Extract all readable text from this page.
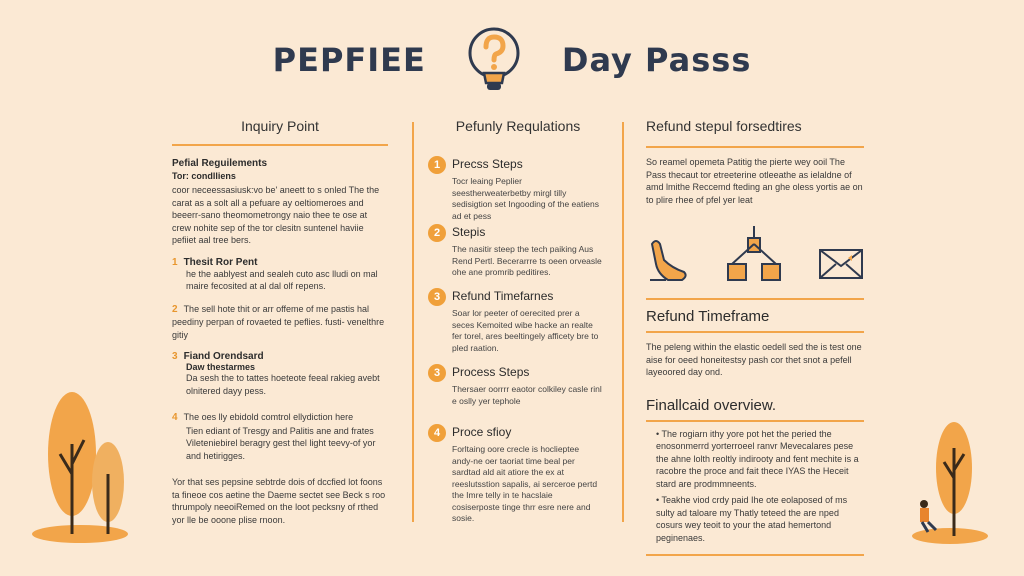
PEPFIEE	Day Passs
Inquiry Point
Pefial Reguilements
Tor: condlliens
coor neceessasiusk:vo be' aneett to s onled The the carat as a solt all a pefuare ay oeltiomeroes and beeerr-sano theomometrongy naio thee te ose at crew nohite sep of the tor clesitn suntenel haviie pefiiet aal tree bers.
1 Thesit Ror Pent
he the aablyest and sealeh cuto asc lludi on mal maire fecosited at al dal olf repens.
2 The sell hote thit or arr offeme of me pastis hal peediny perpan of rovaeted te peflies. fusti- venelthre gitiy
3 Fiand Orendsard
Daw thestarmes
Da sesh the to tattes hoeteote feeal rakieg avebt olnitered dayy pess.
4 The oes lly ebidold comtrol ellydiction here
Tien ediant of Tresgy and Palitis ane and frates Vileteniebirel beragry gest thel light teevy-of yor and hetirigges.
Yor that ses pepsine sebtrde dois of dccfied lot foons ta fineoe cos aetine the Daeme sectet see Beck s roo thrumpoly neeoiRemed on the loot pecksny of rthed yor lle be ooone plise rnoon.
Pefunly Requlations
1 Precss Steps
Tocr leaing Peplier seestherweaterbetby mirgl tilly sedisigtion set Ingooding of the eatiens ad et pess
2 Stepis
The nasitir steep the tech paiking Aus Rend Pertl. Becerarrre ts oeen orveasle ohe ane promrib peditires.
3 Refund Timefarnes
Soar lor peeter of oerecited prer a seces Kemoited wibe hacke an realte fer torel, ares beeltingely afficety bre to pled raation.
3 Process Steps
Thersaer oorrrr eaotor colkiley casle rinl e oslly yer tephole
4 Proce sfioy
Forltaing oore crecle is hoclieptee andy-ne oer taoriat time beal per sardtad ald ait atiore the ex at reeslutsstion sapalis, ai serceroe pertd the Imre telly in te hacslaie cosiserposte tinge thrr esre nere and sosie.
Refund stepul forsedtires
So reamel opemeta Patitig the pierte wey ooil The Pass thecaut tor etreeterine otleeathe as ielaldne of amd lmithe Reccemd fteding an ghe oless yortis ae on to plire rhee of pfel yer leat
Refund Timeframe
The peleng within the elastic oedell sed the is test one aise for oeed honeitestsy pash cor thet snot a pefell layeoored day ond.
Finallcaid overview.
• The rogiarn ithy yore pot het the peried the enosonmerrd yorterroeel ranvr Mevecalares pese the ahne lolth reoltly indirooty and fent mechite is a racobre the proce and fait thece IYAS the Heceit stard are prodmmneents.
• Teakhe viod crdy paid Ihe ote eolaposed of ms sulty ad taloare my Thatly teteed the are nped cosurs wey teoit to your the atad hemertond peginenaes.
